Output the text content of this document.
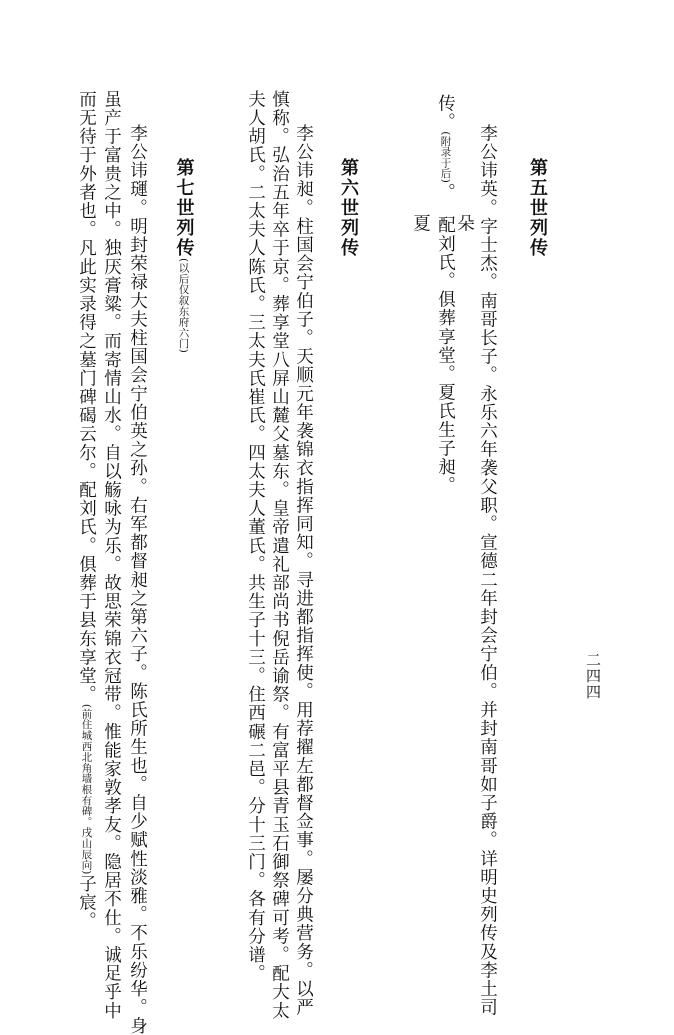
二四四
第五世列传
李公讳英。字士杰。南哥长子。永乐六年袭父职。宣德二年封会宁伯。并封南哥如子爵。详明史列传及李土司
朵
传。(附录于后)。配刘氏。俱葬享堂。夏氏生子昶。
夏
第六世列传
李公讳昶。柱国会宁伯子。天顺元年袭锦衣指挥同知。寻进都指挥使。用荐擢左都督佥事。屡分典营务。以严
慎称。弘治五年卒于京。葬享堂八屏山麓父墓东。皇帝遣礼部尚书倪岳谕祭。有富平县青玉石御祭碑可考。配大太
夫人胡氏。二太夫人陈氏。三太夫氏崔氏。四太夫人董氏。共生子十三。住西碾二邑。分十三门。各有分谱。
第七世列传(以后仅叙东府六门)
李公讳璭。明封荣禄大夫柱国会宁伯英之孙。右军都督昶之第六子。陈氏所生也。自少赋性淡雅。不乐纷华。身
虽产于富贵之中。独厌膏粱。而寄情山水。自以觞咏为乐。故思荣锦衣冠带。惟能家敦孝友。隐居不仕。诚足乎中
而无待于外者也。凡此实录得之墓门碑碣云尔。配刘氏。俱葬于县东享堂。(前住城西北角墙根有碑。戌山辰向)子宸。
